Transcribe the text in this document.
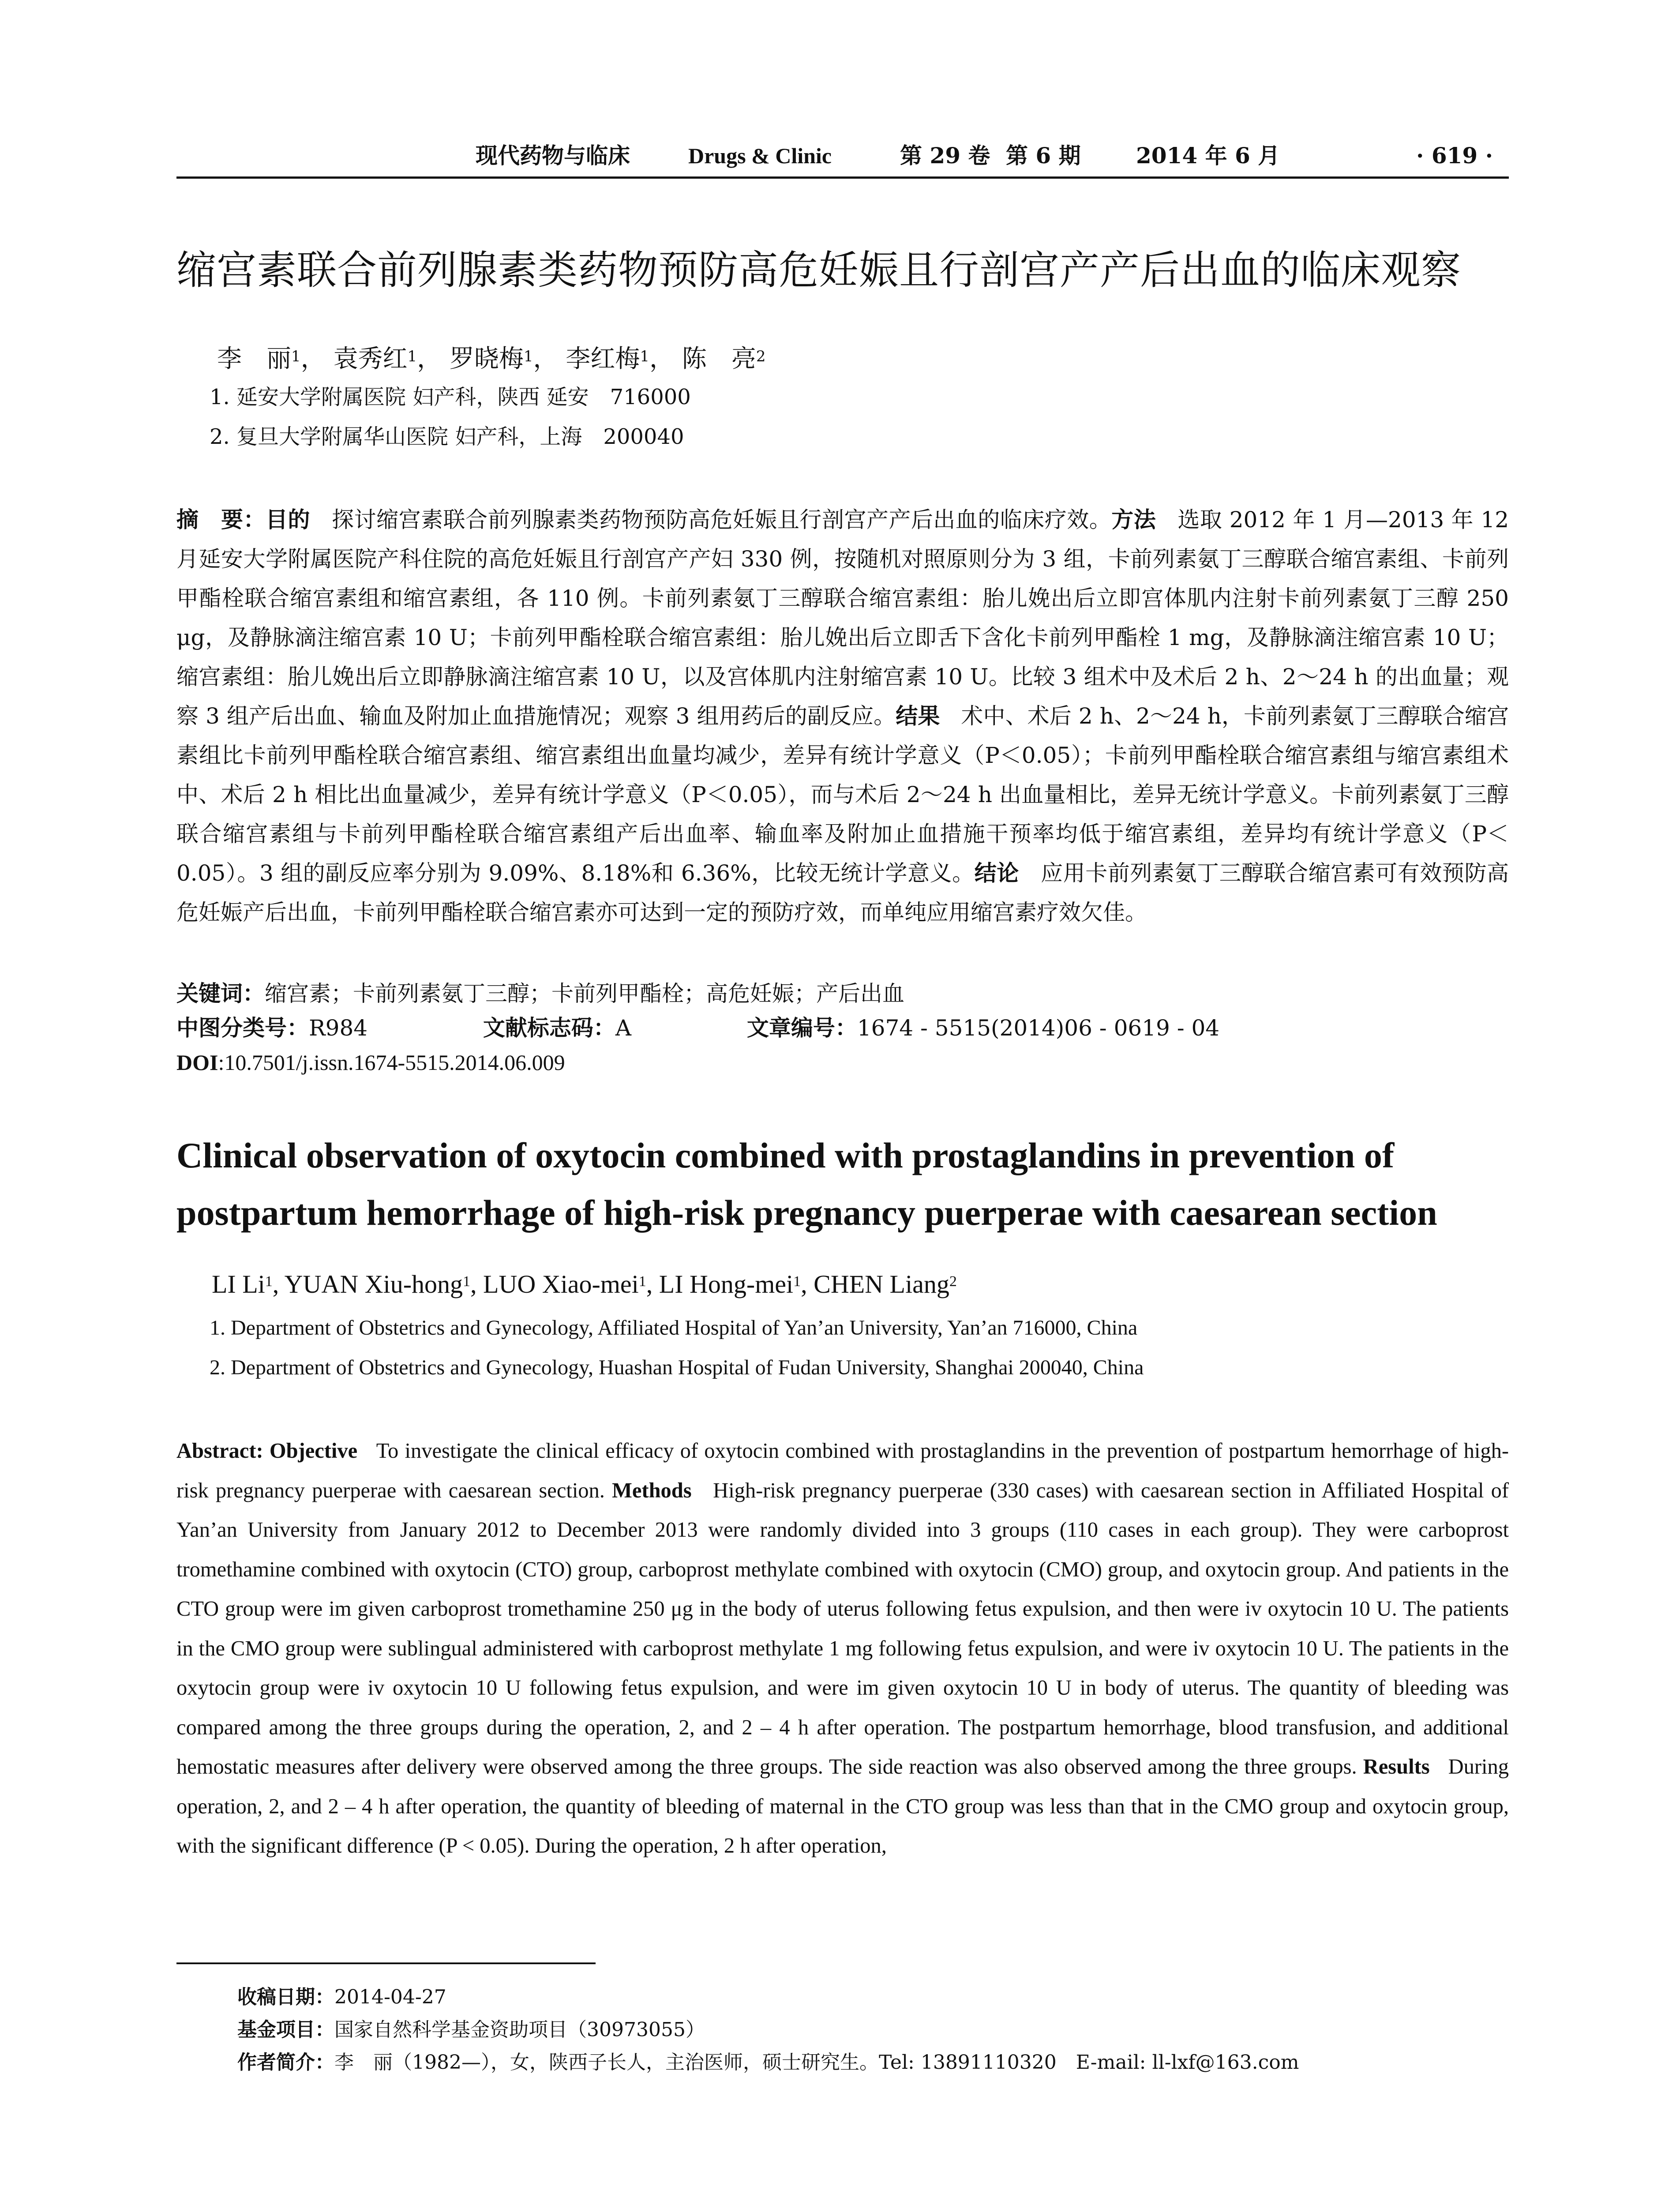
现代药物与临床	Drugs & Clinic	第 29 卷 第 6 期	2014 年 6 月	· 619 ·
缩宫素联合前列腺素类药物预防高危妊娠且行剖宫产产后出血的临床观察
李　丽$^1$， 袁秀红$^1$， 罗晓梅$^1$， 李红梅$^1$， 陈　亮$^2$
1. 延安大学附属医院 妇产科，陕西 延安　716000
2. 复旦大学附属华山医院 妇产科，上海　200040
摘　要：目的 探讨缩宫素联合前列腺素类药物预防高危妊娠且行剖宫产产后出血的临床疗效。方法 选取 2012 年 1 月—2013 年 12 月延安大学附属医院产科住院的高危妊娠且行剖宫产产妇 330 例，按随机对照原则分为 3 组，卡前列素氨丁三醇联合缩宫素组、卡前列甲酯栓联合缩宫素组和缩宫素组，各 110 例。卡前列素氨丁三醇联合缩宫素组：胎儿娩出后立即宫体肌内注射卡前列素氨丁三醇 250 μg，及静脉滴注缩宫素 10 U；卡前列甲酯栓联合缩宫素组：胎儿娩出后立即舌下含化卡前列甲酯栓 1 mg，及静脉滴注缩宫素 10 U；缩宫素组：胎儿娩出后立即静脉滴注缩宫素 10 U，以及宫体肌内注射缩宫素 10 U。比较 3 组术中及术后 2 h、2～24 h 的出血量；观察 3 组产后出血、输血及附加止血措施情况；观察 3 组用药后的副反应。结果 术中、术后 2 h、2～24 h，卡前列素氨丁三醇联合缩宫素组比卡前列甲酯栓联合缩宫素组、缩宫素组出血量均减少，差异有统计学意义（P＜0.05）；卡前列甲酯栓联合缩宫素组与缩宫素组术中、术后 2 h 相比出血量减少，差异有统计学意义（P＜0.05），而与术后 2～24 h 出血量相比，差异无统计学意义。卡前列素氨丁三醇联合缩宫素组与卡前列甲酯栓联合缩宫素组产后出血率、输血率及附加止血措施干预率均低于缩宫素组，差异均有统计学意义（P＜0.05）。3 组的副反应率分别为 9.09%、8.18%和 6.36%，比较无统计学意义。结论 应用卡前列素氨丁三醇联合缩宫素可有效预防高危妊娠产后出血，卡前列甲酯栓联合缩宫素亦可达到一定的预防疗效，而单纯应用缩宫素疗效欠佳。
关键词：缩宫素；卡前列素氨丁三醇；卡前列甲酯栓；高危妊娠；产后出血
中图分类号：R984	文献标志码：A	文章编号：1674 - 5515(2014)06 - 0619 - 04
DOI:10.7501/j.issn.1674-5515.2014.06.009
Clinical observation of oxytocin combined with prostaglandins in prevention of postpartum hemorrhage of high-risk pregnancy puerperae with caesarean section
LI Li$^1$, YUAN Xiu-hong$^1$, LUO Xiao-mei$^1$, LI Hong-mei$^1$, CHEN Liang$^2$
1. Department of Obstetrics and Gynecology, Affiliated Hospital of Yan’an University, Yan’an 716000, China
2. Department of Obstetrics and Gynecology, Huashan Hospital of Fudan University, Shanghai 200040, China
Abstract: Objective To investigate the clinical efficacy of oxytocin combined with prostaglandins in the prevention of postpartum hemorrhage of high-risk pregnancy puerperae with caesarean section. Methods High-risk pregnancy puerperae (330 cases) with caesarean section in Affiliated Hospital of Yan’an University from January 2012 to December 2013 were randomly divided into 3 groups (110 cases in each group). They were carboprost tromethamine combined with oxytocin (CTO) group, carboprost methylate combined with oxytocin (CMO) group, and oxytocin group. And patients in the CTO group were im given carboprost tromethamine 250 μg in the body of uterus following fetus expulsion, and then were iv oxytocin 10 U. The patients in the CMO group were sublingual administered with carboprost methylate 1 mg following fetus expulsion, and were iv oxytocin 10 U. The patients in the oxytocin group were iv oxytocin 10 U following fetus expulsion, and were im given oxytocin 10 U in body of uterus. The quantity of bleeding was compared among the three groups during the operation, 2, and 2 – 4 h after operation. The postpartum hemorrhage, blood transfusion, and additional hemostatic measures after delivery were observed among the three groups. The side reaction was also observed among the three groups. Results During operation, 2, and 2 – 4 h after operation, the quantity of bleeding of maternal in the CTO group was less than that in the CMO group and oxytocin group, with the significant difference (P < 0.05). During the operation, 2 h after operation,
收稿日期：2014-04-27
基金项目：国家自然科学基金资助项目（30973055）
作者简介：李　丽（1982—），女，陕西子长人，主治医师，硕士研究生。Tel: 13891110320　E-mail: ll-lxf@163.com
